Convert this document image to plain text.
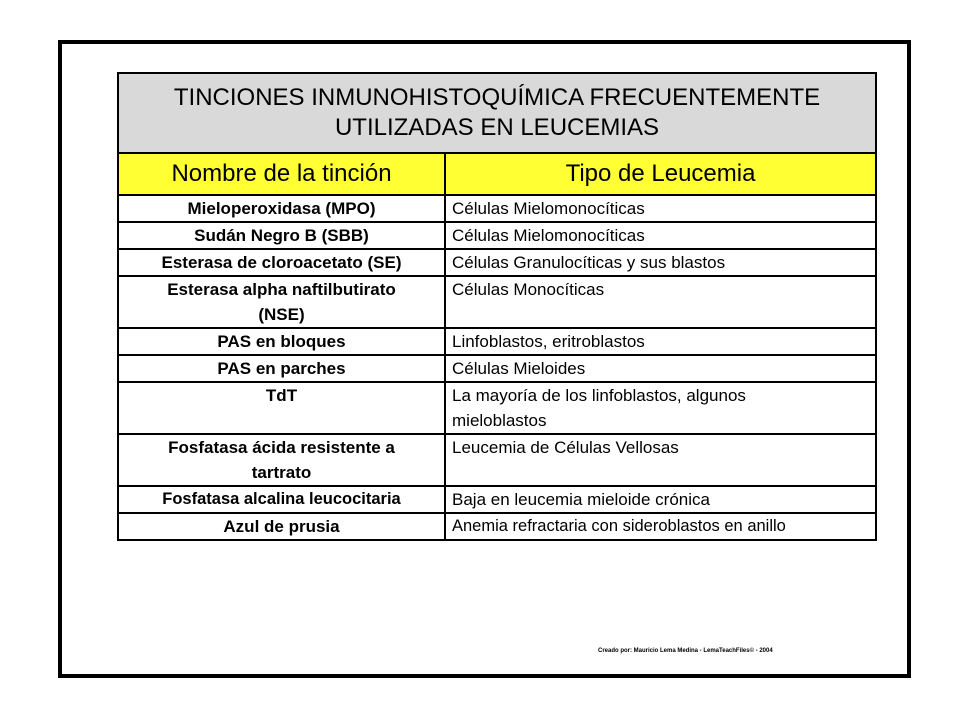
TINCIONES INMUNOHISTOQUÍMICA FRECUENTEMENTE
UTILIZADAS EN LEUCEMIAS	

Nombre de la tinción	Tipo de Leucemia
Mieloperoxidasa (MPO)	Células Mielomonocíticas
Sudán Negro B (SBB)	Células Mielomonocíticas
Esterasa de cloroacetato (SE)	Células Granulocíticas y sus blastos
Esterasa alpha naftilbutirato (NSE)	Células Monocíticas
PAS en bloques	Linfoblastos, eritroblastos
PAS en parches	Células Mieloides
TdT	La mayoría de los linfoblastos, algunos mieloblastos
Fosfatasa ácida resistente a tartrato	Leucemia de Células Vellosas
Fosfatasa alcalina leucocitaria	Baja en leucemia mieloide crónica
Azul de prusia	Anemia refractaria con sideroblastos en anillo
Creado por: Mauricio Lema Medina - LemaTeachFiles© - 2004
